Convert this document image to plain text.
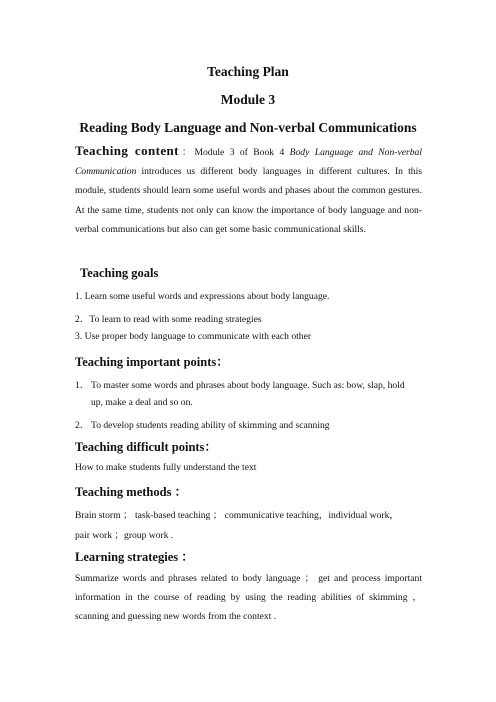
Teaching Plan
Module 3
Reading Body Language and Non-verbal Communications
Teaching content：Module 3 of Book 4 Body Language and Non-verbal Communication introduces us different body languages in different cultures. In this module, students should learn some useful words and phases about the common gestures. At the same time, students not only can know the importance of body language and non-verbal communications but also can get some basic communicational skills.
Teaching goals
1. Learn some useful words and expressions about body language.
2．To learn to read with some reading strategies
3. Use proper body language to communicate with each other
Teaching important points：
1． To master some words and phrases about body language. Such as: bow, slap, hold
up, make a deal and so on.
2． To develop students reading ability of skimming and scanning
Teaching difficult points：
How to make students fully understand the text
Teaching methods ：
Brain storm ； task-based teaching ； communicative teaching，individual work，
pair work ；group work .
Learning strategies ：
Summarize words and phrases related to body language ； get and process important information in the course of reading by using the reading abilities of skimming ， scanning and guessing new words from the context .
